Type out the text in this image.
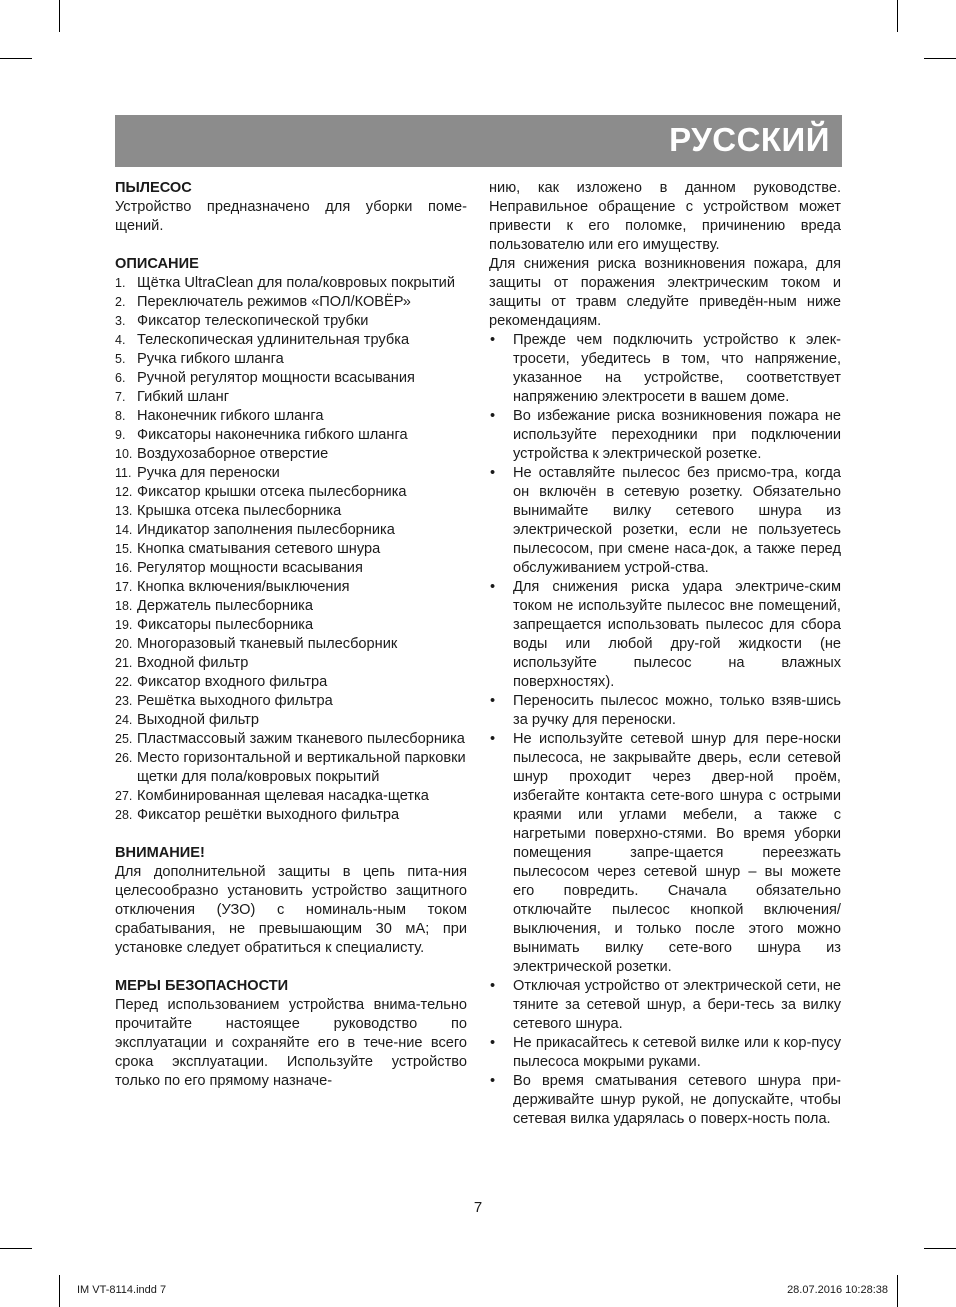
РУССКИЙ
ПЫЛЕСОС

Устройство предназначено для уборки поме-щений.

ОПИСАНИЕ
1. Щётка UltraClean для пола/ковровых покрытий
2. Переключатель режимов «ПОЛ/КОВЁР»
3. Фиксатор телескопической трубки
4. Телескопическая удлинительная трубка
5. Ручка гибкого шланга
6. Ручной регулятор мощности всасывания
7. Гибкий шланг
8. Наконечник гибкого шланга
9. Фиксаторы наконечника гибкого шланга
10. Воздухозаборное отверстие
11. Ручка для переноски
12. Фиксатор крышки отсека пылесборника
13. Крышка отсека пылесборника
14. Индикатор заполнения пылесборника
15. Кнопка сматывания сетевого шнура
16. Регулятор мощности всасывания
17. Кнопка включения/выключения
18. Держатель пылесборника
19. Фиксаторы пылесборника
20. Многоразовый тканевый пылесборник
21. Входной фильтр
22. Фиксатор входного фильтра
23. Решётка выходного фильтра
24. Выходной фильтр
25. Пластмассовый зажим тканевого пылесборника
26. Место горизонтальной и вертикальной парковки щетки для пола/ковровых покрытий
27. Комбинированная щелевая насадка-щетка
28. Фиксатор решётки выходного фильтра
ВНИМАНИЕ!

Для дополнительной защиты в цепь пита-ния целесообразно установить устройство защитного отключения (УЗО) с номиналь-ным током срабатывания, не превышающим 30 мА; при установке следует обратиться к специалисту.

МЕРЫ БЕЗОПАСНОСТИ

Перед использованием устройства внима-тельно прочитайте настоящее руководство по эксплуатации и сохраняйте его в тече-ние всего срока эксплуатации. Используйте устройство только по его прямому назначе-

нию, как изложено в данном руководстве. Неправильное обращение с устройством может привести к его поломке, причинению вреда пользователю или его имуществу.

Для снижения риска возникновения пожара, для защиты от поражения электрическим током и защиты от травм следуйте приведён-ным ниже рекомендациям.

•	Прежде чем подключить устройство к элек-тросети, убедитесь в том, что напряжение, указанное на устройстве, соответствует напряжению электросети в вашем доме.
•	Во избежание риска возникновения пожара не используйте переходники при подключении устройства к электрической розетке.
•	Не оставляйте пылесос без присмо-тра, когда он включён в сетевую розетку. Обязательно вынимайте вилку сетевого шнура из электрической розетки, если не пользуетесь пылесосом, при смене наса-док, а также перед обслуживанием устрой-ства.
•	Для снижения риска удара электриче-ским током не используйте пылесос вне помещений, запрещается использовать пылесос для сбора воды или любой дру-гой жидкости (не используйте пылесос на влажных поверхностях).
•	Переносить пылесос можно, только взяв-шись за ручку для переноски.
•	Не используйте сетевой шнур для пере-носки пылесоса, не закрывайте дверь, если сетевой шнур проходит через двер-ной проём, избегайте контакта сете-вого шнура с острыми краями или углами мебели, а также с нагретыми поверхно-стями. Во время уборки помещения запре-щается переезжать пылесосом через сетевой шнур – вы можете его повредить. Сначала обязательно отключайте пылесос кнопкой включения/выключения, и только после этого можно вынимать вилку сете-вого шнура из электрической розетки.
•	Отключая устройство от электрической сети, не тяните за сетевой шнур, а бери-тесь за вилку сетевого шнура.
•	Не прикасайтесь к сетевой вилке или к кор-пусу пылесоса мокрыми руками.
•	Во время сматывания сетевого шнура при-держивайте шнур рукой, не допускайте, чтобы сетевая вилка ударялась о поверх-ность пола.
7
IM VT-8114.indd 7	28.07.2016 10:28:38
